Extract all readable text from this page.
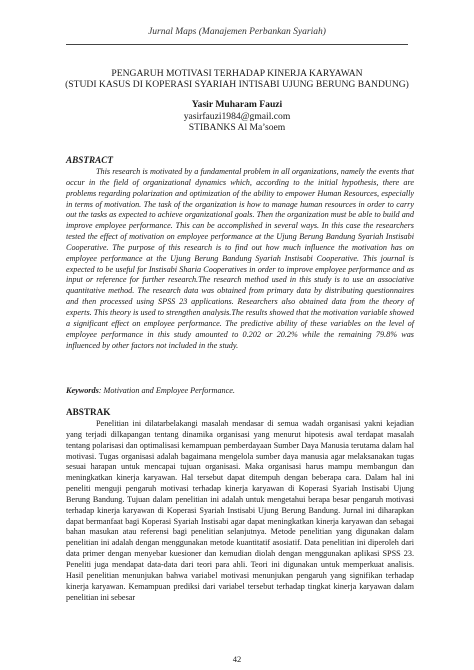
Jurnal Maps (Manajemen Perbankan Syariah)
PENGARUH MOTIVASI TERHADAP KINERJA KARYAWAN
(STUDI KASUS DI KOPERASI SYARIAH INTISABI UJUNG BERUNG BANDUNG)
Yasir Muharam Fauzi
yasirfauzi1984@gmail.com
STIBANKS Al Ma’soem
ABSTRACT

This research is motivated by a fundamental problem in all organizations, namely the events that occur in the field of organizational dynamics which, according to the initial hypothesis, there are problems regarding polarization and optimization of the ability to empower Human Resources, especially in terms of motivation. The task of the organization is how to manage human resources in order to carry out the tasks as expected to achieve organizational goals. Then the organization must be able to build and improve employee performance. This can be accomplished in several ways. In this case the researchers tested the effect of motivation on employee performance at the Ujung Berung Bandung Syariah Instisabi Cooperative. The purpose of this research is to find out how much influence the motivation has on employee performance at the Ujung Berung Bandung Syariah Instisabi Cooperative. This journal is expected to be useful for Instisabi Sharia Cooperatives in order to improve employee performance and as input or reference for further research.The research method used in this study is to use an associative quantitative method. The research data was obtained from primary data by distributing questionnaires and then processed using SPSS 23 applications. Researchers also obtained data from the theory of experts. This theory is used to strengthen analysis.The results showed that the motivation variable showed a significant effect on employee performance. The predictive ability of these variables on the level of employee performance in this study amounted to 0.202 or 20.2% while the remaining 79.8% was influenced by other factors not included in the study.

Keywords: Motivation and Employee Performance.
ABSTRAK

Penelitian ini dilatarbelakangi masalah mendasar di semua wadah organisasi yakni kejadian yang terjadi dilkapangan tentang dinamika organisasi yang menurut hipotesis awal terdapat masalah tentang polarisasi dan optimalisasi kemampuan pemberdayaan Sumber Daya Manusia terutama dalam hal motivasi. Tugas organisasi adalah bagaimana mengelola sumber daya manusia agar melaksanakan tugas sesuai harapan untuk mencapai tujuan organisasi. Maka organisasi harus mampu membangun dan meningkatkan kinerja karyawan. Hal tersebut dapat ditempuh dengan beberapa cara. Dalam hal ini peneliti menguji pengaruh motivasi terhadap kinerja karyawan di Koperasi Syariah Instisabi Ujung Berung Bandung. Tujuan dalam penelitian ini adalah untuk mengetahui berapa besar pengaruh motivasi terhadap kinerja karyawan di Koperasi Syariah Instisabi Ujung Berung Bandung. Jurnal ini diharapkan dapat bermanfaat bagi Koperasi Syariah Instisabi agar dapat meningkatkan kinerja karyawan dan sebagai bahan masukan atau referensi bagi penelitian selanjutnya. Metode penelitian yang digunakan dalam penelitian ini adalah dengan menggunakan metode kuantitatif asosiatif. Data penelitian ini diperoleh dari data primer dengan menyebar kuesioner dan kemudian diolah dengan menggunakan aplikasi SPSS 23. Peneliti juga mendapat data-data dari teori para ahli. Teori ini digunakan untuk memperkuat analisis. Hasil penelitian menunjukan bahwa variabel motivasi menunjukan pengaruh yang signifikan terhadap kinerja karyawan. Kemampuan prediksi dari variabel tersebut terhadap tingkat kinerja karyawan dalam penelitian ini sebesar

42
